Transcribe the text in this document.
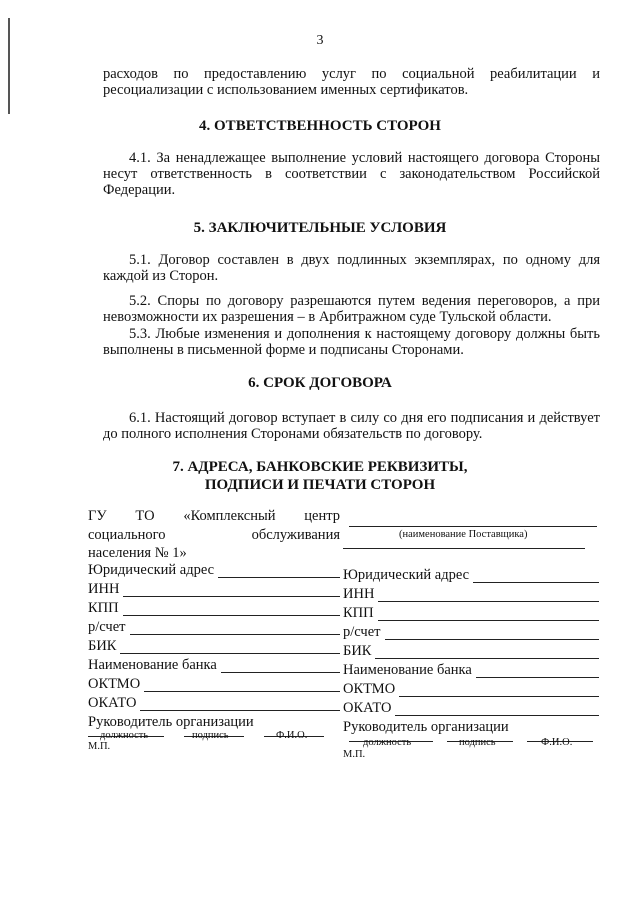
3
расходов по предоставлению услуг по социальной реабилитации и ресоциализации с использованием именных сертификатов.
4. ОТВЕТСТВЕННОСТЬ СТОРОН
4.1. За ненадлежащее выполнение условий настоящего договора Стороны несут ответственность в соответствии с законодательством Российской Федерации.
5. ЗАКЛЮЧИТЕЛЬНЫЕ УСЛОВИЯ
5.1. Договор составлен в двух подлинных экземплярах, по одному для каждой из Сторон.
5.2. Споры по договору разрешаются путем ведения переговоров, а при невозможности их разрешения – в Арбитражном суде Тульской области.
5.3. Любые изменения и дополнения к настоящему договору должны быть выполнены в письменной форме и подписаны Сторонами.
6. СРОК ДОГОВОРА
6.1. Настоящий договор вступает в силу со дня его подписания и действует до полного исполнения Сторонами обязательств по договору.
7. АДРЕСА, БАНКОВСКИЕ РЕКВИЗИТЫ,
ПОДПИСИ И ПЕЧАТИ СТОРОН
ГУ ТО «Комплексный центр
социального	обслуживания
населения № 1»
Юридический адрес
ИНН
КПП
р/счет
БИК
Наименование банка
ОКТМО
ОКАТО
Руководитель организации
должность	подпись	Ф.И.О.
М.П.
(наименование Поставщика)
Юридический адрес
ИНН
КПП
р/счет
БИК
Наименование банка
ОКТМО
ОКАТО
Руководитель организации
должность	подпись	Ф.И.О.
М.П.
